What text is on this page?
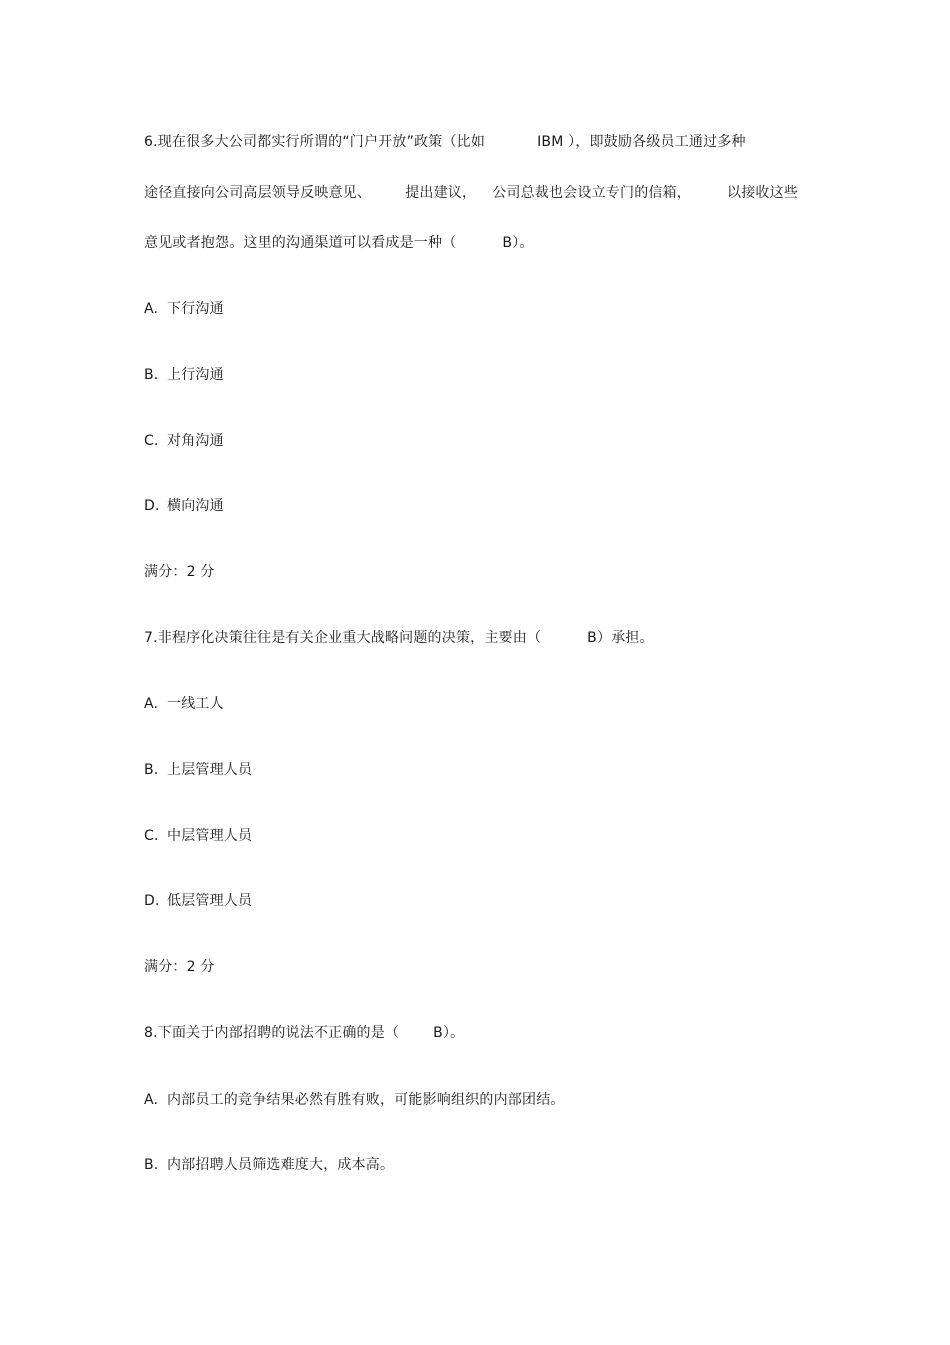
6.现在很多大公司都实行所谓的“门户开放”政策（比如	IBM ），即鼓励各级员工通过多种
途径直接向公司高层领导反映意见、 提出建议， 公司总裁也会设立专门的信箱，	以接收这些
意见或者抱怨。这里的沟通渠道可以看成是一种（	B）。
A. 下行沟通
B. 上行沟通
C. 对角沟通
D. 横向沟通
满分：2 分
7.非程序化决策往往是有关企业重大战略问题的决策，主要由（	B）承担。
A. 一线工人
B. 上层管理人员
C. 中层管理人员
D. 低层管理人员
满分：2 分
8.下面关于内部招聘的说法不正确的是（ B）。
A. 内部员工的竞争结果必然有胜有败，可能影响组织的内部团结。
B. 内部招聘人员筛选难度大，成本高。
